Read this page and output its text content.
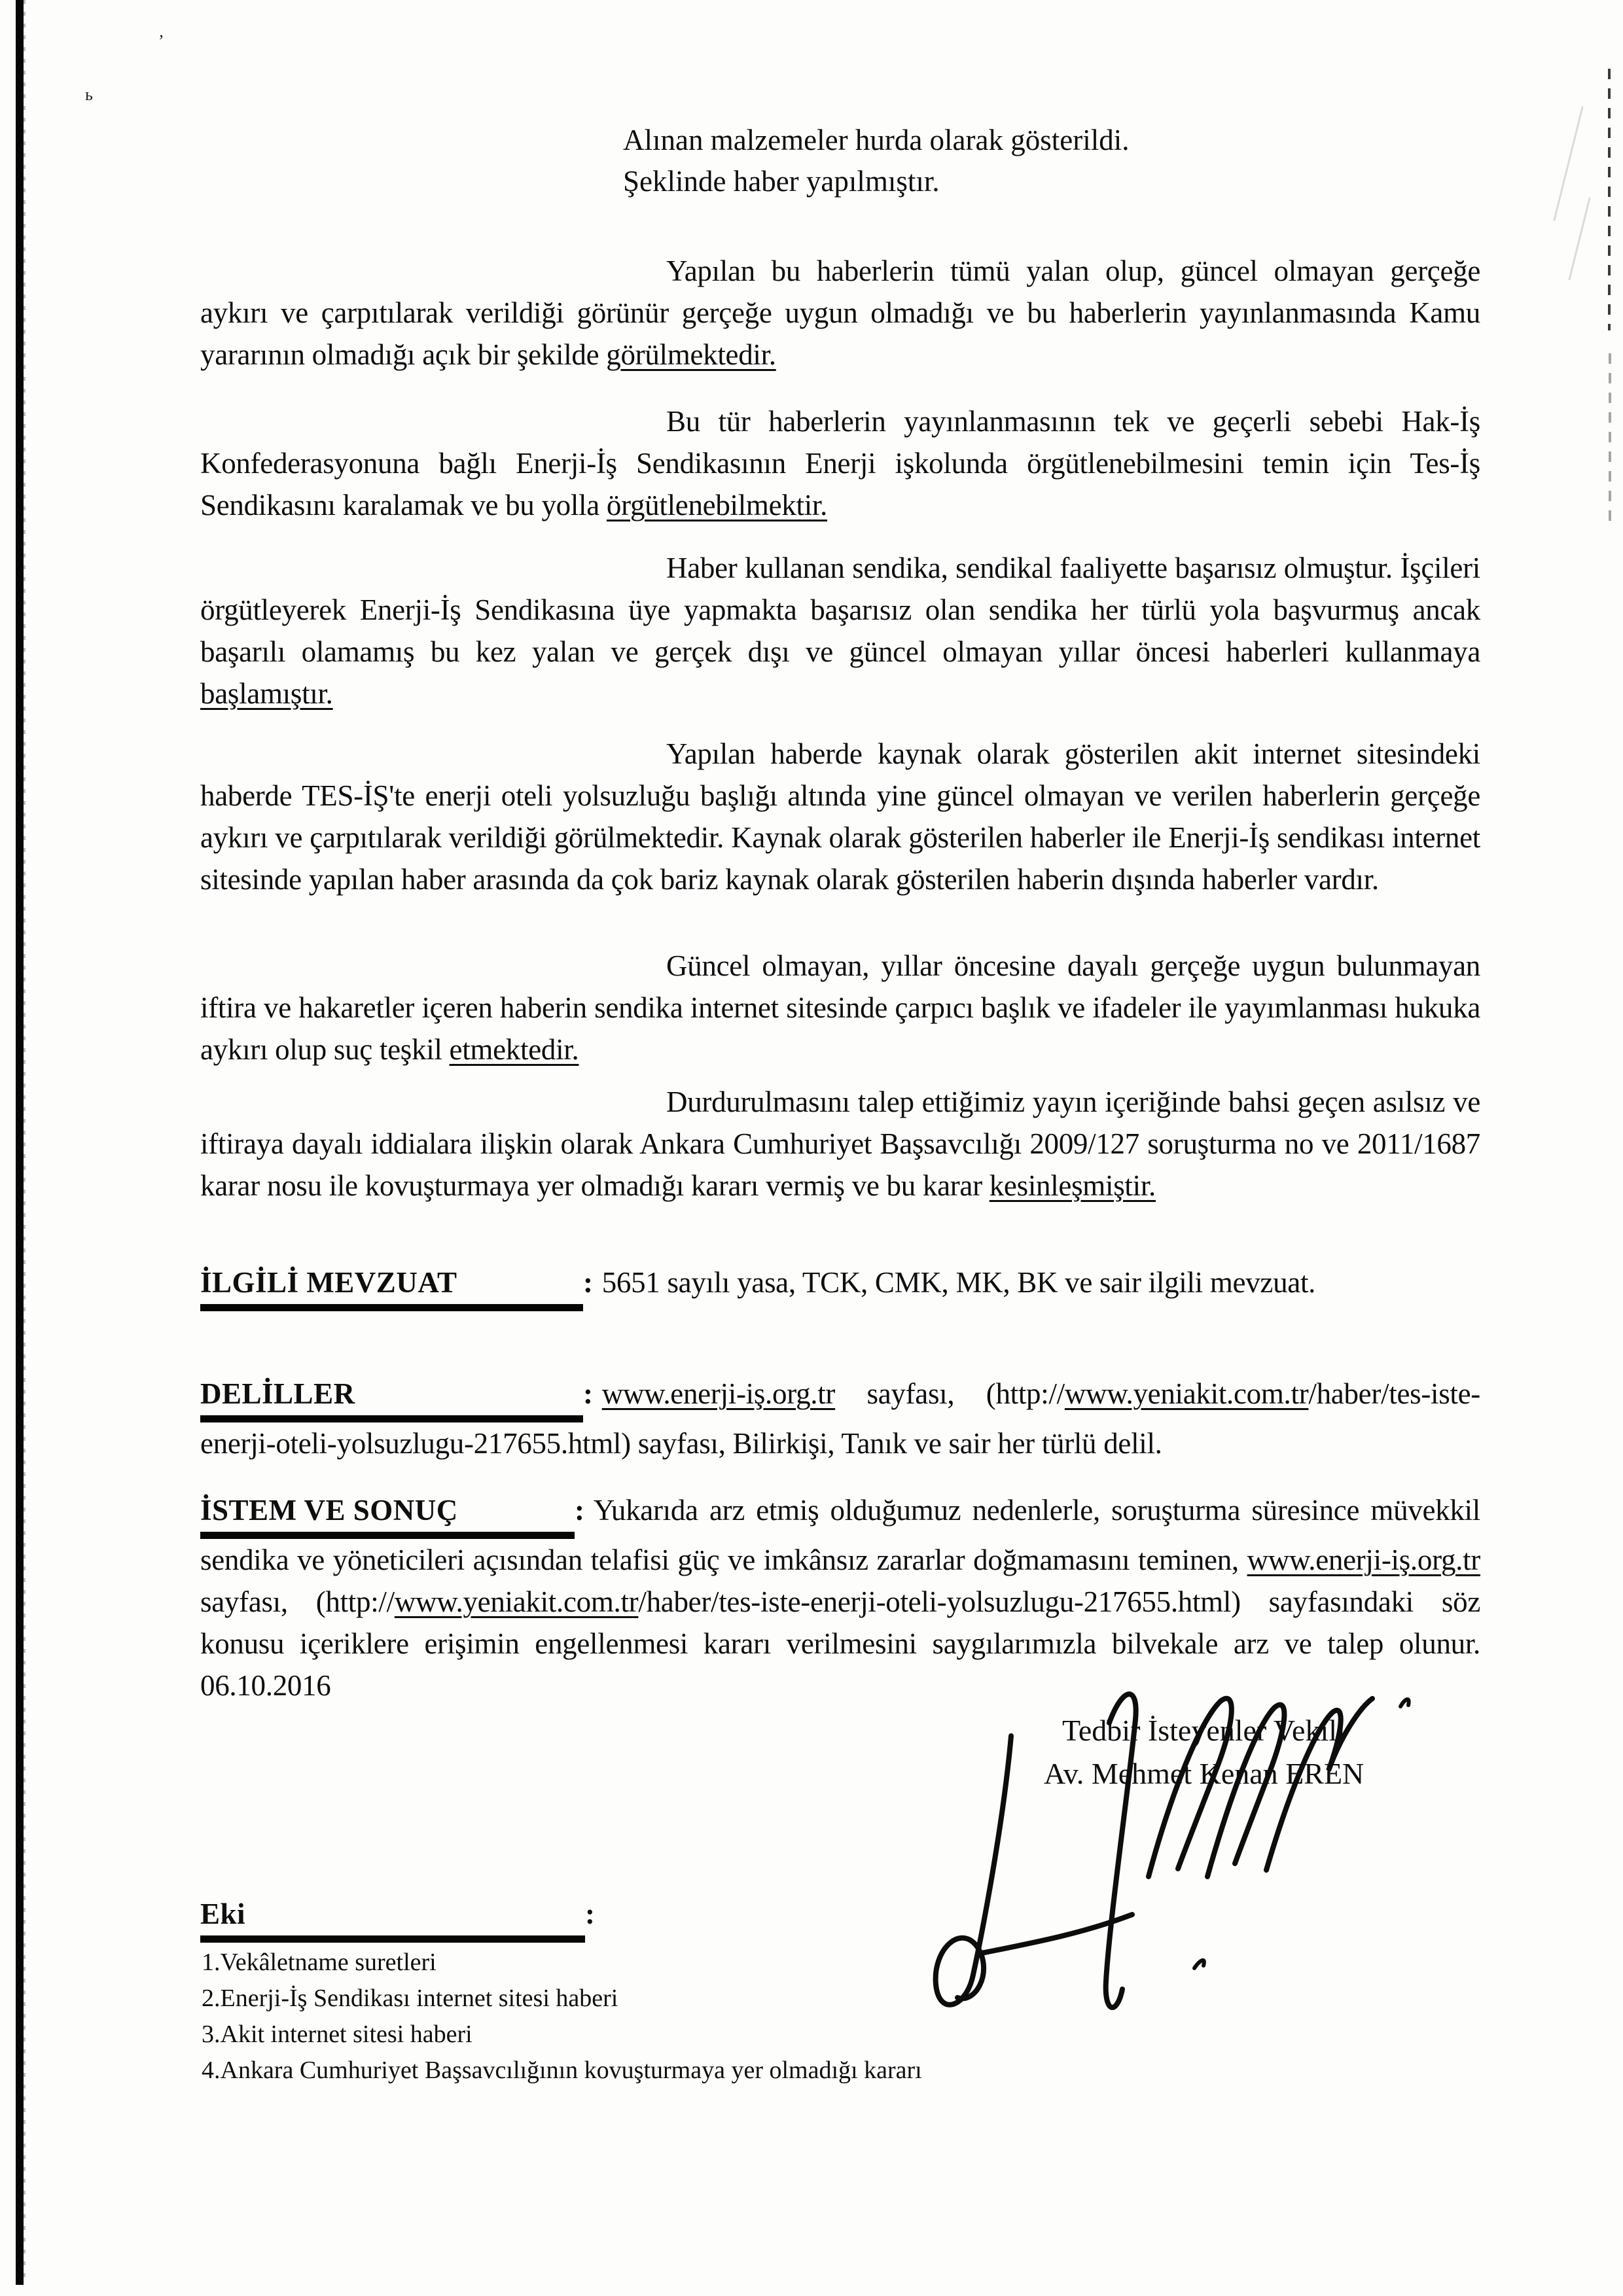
’
ь

Alınan malzemeler hurda olarak gösterildi.
Şeklinde haber yapılmıştır.

Yapılan bu haberlerin tümü yalan olup, güncel olmayan gerçeğe aykırı ve çarpıtılarak verildiği görünür gerçeğe uygun olmadığı ve bu haberlerin yayınlanmasında Kamu yararının olmadığı açık bir şekilde görülmektedir.

Bu tür haberlerin yayınlanmasının tek ve geçerli sebebi Hak-İş Konfederasyonuna bağlı Enerji-İş Sendikasının Enerji işkolunda örgütlenebilmesini temin için Tes-İş Sendikasını karalamak ve bu yolla örgütlenebilmektir.

Haber kullanan sendika, sendikal faaliyette başarısız olmuştur. İşçileri örgütleyerek Enerji-İş Sendikasına üye yapmakta başarısız olan sendika her türlü yola başvurmuş ancak başarılı olamamış bu kez yalan ve gerçek dışı ve güncel olmayan yıllar öncesi haberleri kullanmaya başlamıştır.

Yapılan haberde kaynak olarak gösterilen akit internet sitesindeki haberde TES-İŞ'te enerji oteli yolsuzluğu başlığı altında yine güncel olmayan ve verilen haberlerin gerçeğe aykırı ve çarpıtılarak verildiği görülmektedir. Kaynak olarak gösterilen haberler ile Enerji-İş sendikası internet sitesinde yapılan haber arasında da çok bariz kaynak olarak gösterilen haberin dışında haberler vardır.

Güncel olmayan, yıllar öncesine dayalı gerçeğe uygun bulunmayan iftira ve hakaretler içeren haberin sendika internet sitesinde çarpıcı başlık ve ifadeler ile yayımlanması hukuka aykırı olup suç teşkil etmektedir.

Durdurulmasını talep ettiğimiz yayın içeriğinde bahsi geçen asılsız ve iftiraya dayalı iddialara ilişkin olarak Ankara Cumhuriyet Başsavcılığı 2009/127 soruşturma no ve 2011/1687 karar nosu ile kovuşturmaya yer olmadığı kararı vermiş ve bu karar kesinleşmiştir.

İLGİLİ MEVZUAT	: 5651 sayılı yasa, TCK, CMK, MK, BK ve sair ilgili mevzuat.

DELİLLER	: www.enerji-iş.org.tr sayfası, (http://www.yeniakit.com.tr/haber/tes-iste-enerji-oteli-yolsuzlugu-217655.html) sayfası, Bilirkişi, Tanık ve sair her türlü delil.

İSTEM VE SONUÇ	: Yukarıda arz etmiş olduğumuz nedenlerle, soruşturma süresince müvekkil sendika ve yöneticileri açısından telafisi güç ve imkânsız zararlar doğmamasını teminen, www.enerji-iş.org.tr sayfası, (http://www.yeniakit.com.tr/haber/tes-iste-enerji-oteli-yolsuzlugu-217655.html) sayfasındaki söz konusu içeriklere erişimin engellenmesi kararı verilmesini saygılarımızla bilvekale arz ve talep olunur. 06.10.2016

Tedbir İsteyenler Vekili
Av. Mehmet Kenan EREN

Eki	:

1.Vekâletname suretleri
2.Enerji-İş Sendikası internet sitesi haberi
3.Akit internet sitesi haberi
4.Ankara Cumhuriyet Başsavcılığının kovuşturmaya yer olmadığı kararı
